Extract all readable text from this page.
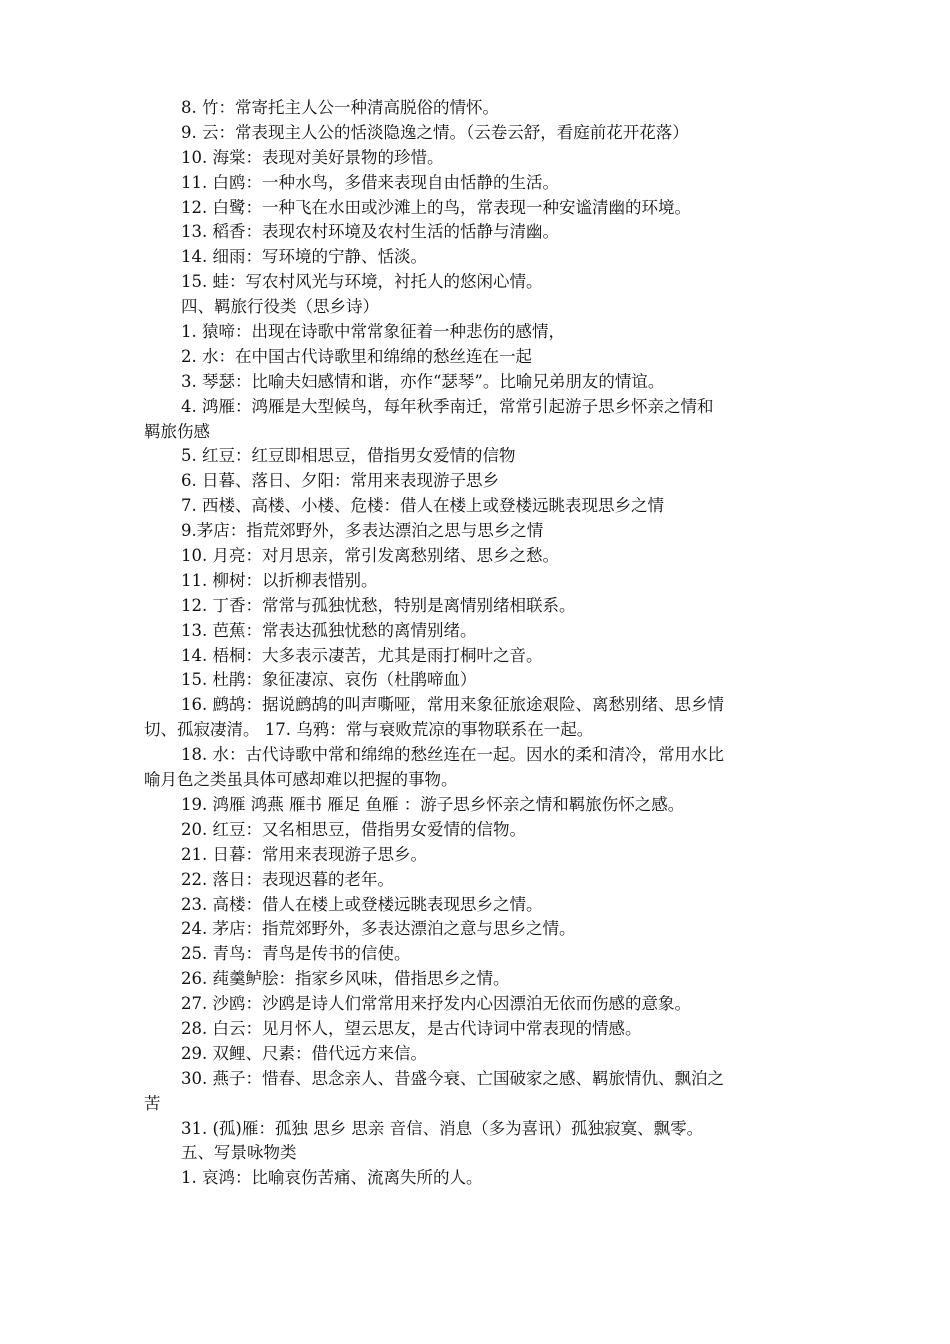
8. 竹：常寄托主人公一种清高脱俗的情怀。
9. 云：常表现主人公的恬淡隐逸之情。（云卷云舒，看庭前花开花落）
10. 海棠：表现对美好景物的珍惜。
11. 白鸥：一种水鸟，多借来表现自由恬静的生活。
12. 白鹭：一种飞在水田或沙滩上的鸟，常表现一种安谧清幽的环境。
13. 稻香：表现农村环境及农村生活的恬静与清幽。
14. 细雨：写环境的宁静、恬淡。
15. 蛙：写农村风光与环境，衬托人的悠闲心情。
四、羁旅行役类（思乡诗）
1. 猿啼：出现在诗歌中常常象征着一种悲伤的感情，
2. 水：在中国古代诗歌里和绵绵的愁丝连在一起
3. 琴瑟：比喻夫妇感情和谐，亦作“瑟琴”。比喻兄弟朋友的情谊。
4. 鸿雁：鸿雁是大型候鸟，每年秋季南迁，常常引起游子思乡怀亲之情和
羁旅伤感
5. 红豆：红豆即相思豆，借指男女爱情的信物
6. 日暮、落日、夕阳：常用来表现游子思乡
7. 西楼、高楼、小楼、危楼：借人在楼上或登楼远眺表现思乡之情
9.茅店：指荒郊野外，多表达漂泊之思与思乡之情
10. 月亮：对月思亲，常引发离愁别绪、思乡之愁。
11. 柳树：以折柳表惜别。
12. 丁香：常常与孤独忧愁，特别是离情别绪相联系。
13. 芭蕉：常表达孤独忧愁的离情别绪。
14. 梧桐：大多表示凄苦，尤其是雨打桐叶之音。
15. 杜鹃：象征凄凉、哀伤（杜鹃啼血）
16. 鹧鸪：据说鹧鸪的叫声嘶哑，常用来象征旅途艰险、离愁别绪、思乡情
切、孤寂凄清。 17. 乌鸦：常与衰败荒凉的事物联系在一起。
18. 水：古代诗歌中常和绵绵的愁丝连在一起。因水的柔和清冷，常用水比
喻月色之类虽具体可感却难以把握的事物。
19. 鸿雁 鸿燕 雁书 雁足 鱼雁 ：游子思乡怀亲之情和羁旅伤怀之感。
20. 红豆：又名相思豆，借指男女爱情的信物。
21. 日暮：常用来表现游子思乡。
22. 落日：表现迟暮的老年。
23. 高楼：借人在楼上或登楼远眺表现思乡之情。
24. 茅店：指荒郊野外，多表达漂泊之意与思乡之情。
25. 青鸟：青鸟是传书的信使。
26. 莼羹鲈脍：指家乡风味，借指思乡之情。
27. 沙鸥：沙鸥是诗人们常常用来抒发内心因漂泊无依而伤感的意象。
28. 白云：见月怀人，望云思友，是古代诗词中常表现的情感。
29. 双鲤、尺素：借代远方来信。
30. 燕子：惜春、思念亲人、昔盛今衰、亡国破家之感、羁旅情仇、飘泊之
苦
31. (孤)雁：孤独 思乡 思亲 音信、消息（多为喜讯）孤独寂寞、飘零。
五、写景咏物类
1. 哀鸿：比喻哀伤苦痛、流离失所的人。
